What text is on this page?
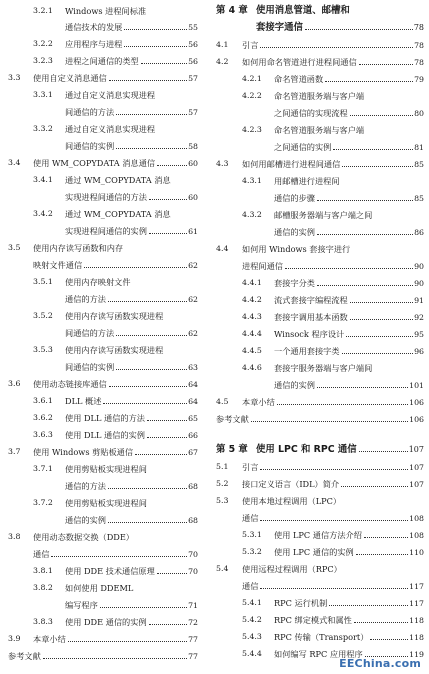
3.2.1 Windows 进程间标准
通信技术的发展	55
3.2.2 应用程序与进程	56
3.2.3 进程之间通信的类型	56
3.3 使用自定义消息通信	57
3.3.1 通过自定义消息实现进程
间通信的方法	57
3.3.2 通过自定义消息实现进程
间通信的实例	58
3.4 使用 WM_COPYDATA 消息通信	60
3.4.1 通过 WM_COPYDATA 消息
实现进程间通信的方法	60
3.4.2 通过 WM_COPYDATA 消息
实现进程间通信的实例	61
3.5 使用内存读写函数和内存
映射文件通信	62
3.5.1 使用内存映射文件
通信的方法	62
3.5.2 使用内存读写函数实现进程
间通信的方法	62
3.5.3 使用内存读写函数实现进程
间通信的实例	63
3.6 使用动态链接库通信	64
3.6.1 DLL 概述	64
3.6.2 使用 DLL 通信的方法	65
3.6.3 使用 DLL 通信的实例	66
3.7 使用 Windows 剪贴板通信	67
3.7.1 使用剪贴板实现进程间
通信的方法	68
3.7.2 使用剪贴板实现进程间
通信的实例	68
3.8 使用动态数据交换（DDE）
通信	70
3.8.1 使用 DDE 技术通信原理	70
3.8.2 如何使用 DDEML
编写程序	71
3.8.3 使用 DDE 通信的实例	72
3.9 本章小结	77
参考文献	77
第 4 章 使用消息管道、邮槽和
套接字通信	78
4.1 引言	78
4.2 如何用命名管道进行进程间通信	78
4.2.1 命名管道函数	79
4.2.2 命名管道服务端与客户端
之间通信的实现流程	80
4.2.3 命名管道服务端与客户端
之间通信的实例	81
4.3 如何用邮槽进行进程间通信	85
4.3.1 用邮槽进行进程间
通信的步骤	85
4.3.2 邮槽服务器端与客户端之间
通信的实例	86
4.4 如何用 Windows 套接字进行
进程间通信	90
4.4.1 套接字分类	90
4.4.2 流式套接字编程流程	91
4.4.3 套接字调用基本函数	92
4.4.4 Winsock 程序设计	95
4.4.5 一个通用套接字类	96
4.4.6 套接字服务器端与客户端间
通信的实例	101
4.5 本章小结	106
参考文献	106
第 5 章 使用 LPC 和 RPC 通信	107
5.1 引言	107
5.2 接口定义语言（IDL）简介	107
5.3 使用本地过程调用（LPC）
通信	108
5.3.1 使用 LPC 通信方法介绍	108
5.3.2 使用 LPC 通信的实例	110
5.4 使用远程过程调用（RPC）
通信	117
5.4.1 RPC 运行机制	117
5.4.2 RPC 绑定模式和属性	118
5.4.3 RPC 传输（Transport）	118
5.4.4 如何编写 RPC 应用程序	119
EEChina.com
